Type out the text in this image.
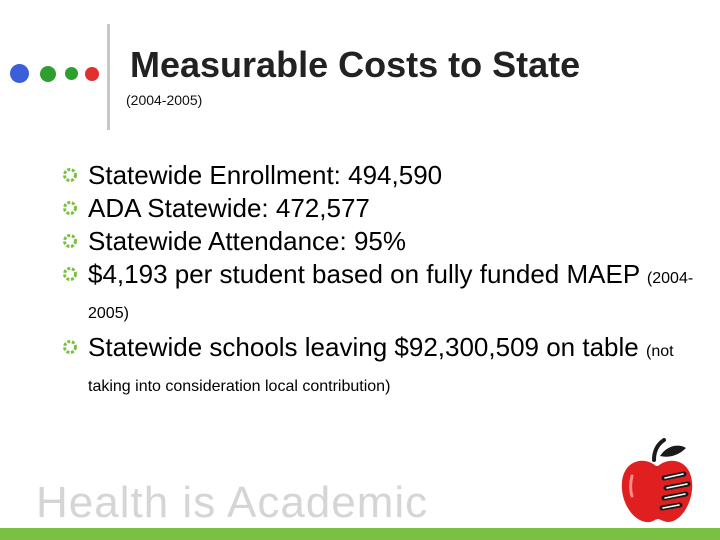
Measurable Costs to State
(2004-2005)
Statewide Enrollment: 494,590
ADA Statewide: 472,577
Statewide Attendance: 95%
$4,193 per student based on fully funded MAEP (2004-2005)
Statewide schools leaving $92,300,509 on table (not taking into consideration local contribution)
Health is Academic
